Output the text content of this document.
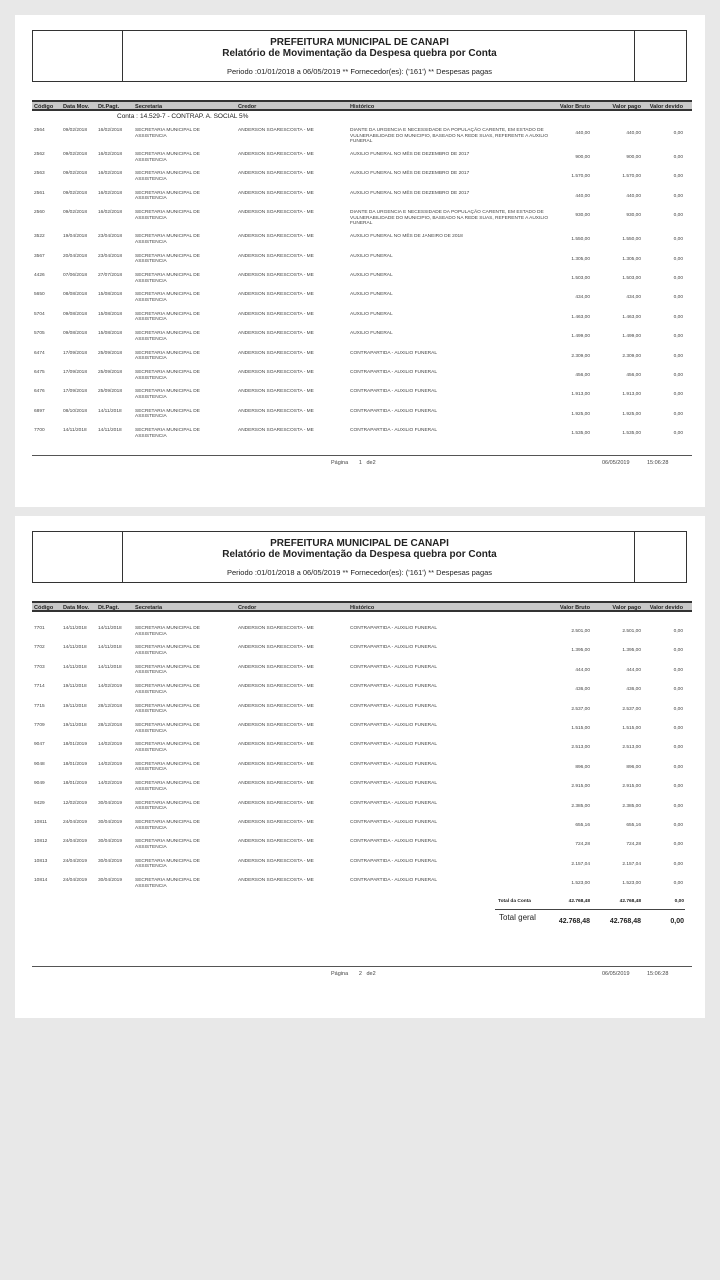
PREFEITURA MUNICIPAL DE CANAPI
Relatório de Movimentação da Despesa quebra por Conta
Periodo :01/01/2018 a 06/05/2019 ** Fornecedor(es): ('161') ** Despesas pagas
Código Data Mov. Dt.Pagt.	Secretaria	Credor	Histórico	Valor Bruto	Valor pago Valor devido
Conta : 14.529-7 - CONTRAP. A. SOCIAL 5%
2564	09/02/2018 16/02/2018	SECRETARIA MUNICIPAL DE ASSISTENCIA
ANDERSON SOARESCOSTA - ME	DIANTE DA URGENCIA E NECESSIDADE DA POPULAÇÃO CARENTE, EM ESTADO DE VULNERABILIDADE DO MUNICIPIO, BASEADO NA REDE SUAS, REFERENTE A AUXILIO FUNERAL
440,00	440,00	0,00
2562	09/02/2018 16/02/2018	SECRETARIA MUNICIPAL DE ASSISTENCIA
ANDERSON SOARESCOSTA - ME	AUXILIO FUNERAL NO MÊS DE DEZEMBRO DE 2017
900,00	900,00	0,00
2563	09/02/2018 16/02/2018	SECRETARIA MUNICIPAL DE ASSISTENCIA
ANDERSON SOARESCOSTA - ME	AUXILIO FUNERAL NO MÊS DE DEZEMBRO DE 2017
1.570,00	1.570,00	0,00
2561	09/02/2018 16/02/2018	SECRETARIA MUNICIPAL DE ASSISTENCIA
ANDERSON SOARESCOSTA - ME	AUXILIO FUNERAL NO MÊS DE DEZEMBRO DE 2017
440,00	440,00	0,00
2560	09/02/2018 16/02/2018	SECRETARIA MUNICIPAL DE ASSISTENCIA
ANDERSON SOARESCOSTA - ME	DIANTE DA URGENCIA E NECESSIDADE DA POPULAÇÃO CARENTE, EM ESTADO DE VULNERABILIDADE DO MUNICIPIO, BASEADO NA REDE SUAS, REFERENTE A AUXILIO FUNERAL
930,00	930,00	0,00
3522	19/04/2018 23/04/2018	SECRETARIA MUNICIPAL DE ASSISTENCIA
ANDERSON SOARESCOSTA - ME	AUXILIO FUNERAL NO MÊS DE JANEIRO DE 2018
1.550,00	1.550,00	0,00
3567	20/04/2018 23/04/2018	SECRETARIA MUNICIPAL DE ASSISTENCIA
ANDERSON SOARESCOSTA - ME	AUXILIO FUNERAL
1.305,00	1.305,00	0,00
4426	07/06/2018 27/07/2018	SECRETARIA MUNICIPAL DE ASSISTENCIA
ANDERSON SOARESCOSTA - ME	AUXILIO FUNERAL
1.503,00	1.503,00	0,00
5650	08/08/2018 15/08/2018	SECRETARIA MUNICIPAL DE ASSISTENCIA
ANDERSON SOARESCOSTA - ME	AUXILIO FUNERAL
434,00	434,00	0,00
5704	09/08/2018 15/08/2018	SECRETARIA MUNICIPAL DE ASSISTENCIA
ANDERSON SOARESCOSTA - ME	AUXILIO FUNERAL
1.463,00	1.463,00	0,00
5705	09/08/2018 15/08/2018	SECRETARIA MUNICIPAL DE ASSISTENCIA
ANDERSON SOARESCOSTA - ME	AUXILIO FUNERAL
1.499,00	1.499,00	0,00
6474	17/09/2018 25/09/2018	SECRETARIA MUNICIPAL DE ASSISTENCIA
ANDERSON SOARESCOSTA - ME	CONTRAPARTIDA - AUXILIO FUNERAL
2.309,00	2.309,00	0,00
6475	17/09/2018 25/09/2018	SECRETARIA MUNICIPAL DE ASSISTENCIA
ANDERSON SOARESCOSTA - ME	CONTRAPARTIDA - AUXILIO FUNERAL
456,00	456,00	0,00
6476	17/09/2018 25/09/2018	SECRETARIA MUNICIPAL DE ASSISTENCIA
ANDERSON SOARESCOSTA - ME	CONTRAPARTIDA - AUXILIO FUNERAL
1.913,00	1.913,00	0,00
6897	08/10/2018 14/11/2018	SECRETARIA MUNICIPAL DE ASSISTENCIA
ANDERSON SOARESCOSTA - ME	CONTRAPARTIDA - AUXILIO FUNERAL
1.925,00	1.925,00	0,00
7700	14/11/2018 14/11/2018	SECRETARIA MUNICIPAL DE ASSISTENCIA
ANDERSON SOARESCOSTA - ME	CONTRAPARTIDA - AUXILIO FUNERAL
1.535,00	1.535,00	0,00
Página 1 de2	06/05/2019	15:06:28
PREFEITURA MUNICIPAL DE CANAPI
Relatório de Movimentação da Despesa quebra por Conta
Periodo :01/01/2018 a 06/05/2019 ** Fornecedor(es): ('161') ** Despesas pagas
Código Data Mov. Dt.Pagt.	Secretaria	Credor	Histórico	Valor Bruto	Valor pago Valor devido
7701	14/11/2018 14/11/2018	SECRETARIA MUNICIPAL DE ASSISTENCIA
ANDERSON SOARESCOSTA - ME	CONTRAPARTIDA - AUXILIO FUNERAL
2.501,00	2.501,00	0,00
7702	14/11/2018 14/11/2018	SECRETARIA MUNICIPAL DE ASSISTENCIA
ANDERSON SOARESCOSTA - ME	CONTRAPARTIDA - AUXILIO FUNERAL
1.395,00	1.395,00	0,00
7703	14/11/2018 14/11/2018	SECRETARIA MUNICIPAL DE ASSISTENCIA
ANDERSON SOARESCOSTA - ME	CONTRAPARTIDA - AUXILIO FUNERAL
444,00	444,00	0,00
7714	19/11/2018 14/02/2019	SECRETARIA MUNICIPAL DE ASSISTENCIA
ANDERSON SOARESCOSTA - ME	CONTRAPARTIDA - AUXILIO FUNERAL
436,00	436,00	0,00
7715	19/11/2018 28/12/2018	SECRETARIA MUNICIPAL DE ASSISTENCIA
ANDERSON SOARESCOSTA - ME	CONTRAPARTIDA - AUXILIO FUNERAL
2.537,00	2.537,00	0,00
7709	19/11/2018 28/12/2018	SECRETARIA MUNICIPAL DE ASSISTENCIA
ANDERSON SOARESCOSTA - ME	CONTRAPARTIDA - AUXILIO FUNERAL
1.515,00	1.515,00	0,00
9047	18/01/2019 14/02/2019	SECRETARIA MUNICIPAL DE ASSISTENCIA
ANDERSON SOARESCOSTA - ME	CONTRAPARTIDA - AUXILIO FUNERAL
2.513,00	2.513,00	0,00
9048	18/01/2019 14/02/2019	SECRETARIA MUNICIPAL DE ASSISTENCIA
ANDERSON SOARESCOSTA - ME	CONTRAPARTIDA - AUXILIO FUNERAL
896,00	896,00	0,00
9049	18/01/2019 14/02/2019	SECRETARIA MUNICIPAL DE ASSISTENCIA
ANDERSON SOARESCOSTA - ME	CONTRAPARTIDA - AUXILIO FUNERAL
2.915,00	2.915,00	0,00
9429	12/02/2019 30/04/2019	SECRETARIA MUNICIPAL DE ASSISTENCIA
ANDERSON SOARESCOSTA - ME	CONTRAPARTIDA - AUXILIO FUNERAL
2.385,00	2.385,00	0,00
10811	24/04/2019 30/04/2019	SECRETARIA MUNICIPAL DE ASSISTENCIA
ANDERSON SOARESCOSTA - ME	CONTRAPARTIDA - AUXILIO FUNERAL
655,16	655,16	0,00
10812	24/04/2019 30/04/2019	SECRETARIA MUNICIPAL DE ASSISTENCIA
ANDERSON SOARESCOSTA - ME	CONTRAPARTIDA - AUXILIO FUNERAL
724,28	724,28	0,00
10813	24/04/2019 30/04/2019	SECRETARIA MUNICIPAL DE ASSISTENCIA
ANDERSON SOARESCOSTA - ME	CONTRAPARTIDA - AUXILIO FUNERAL
2.157,04	2.157,04	0,00
10814	24/04/2019 30/04/2019	SECRETARIA MUNICIPAL DE ASSISTENCIA
ANDERSON SOARESCOSTA - ME	CONTRAPARTIDA - AUXILIO FUNERAL
1.523,00	1.523,00	0,00
Total da Conta	42.768,48	42.768,48	0,00
Total geral	42.768,48	42.768,48	0,00
Página 2 de2	06/05/2019	15:06:28
